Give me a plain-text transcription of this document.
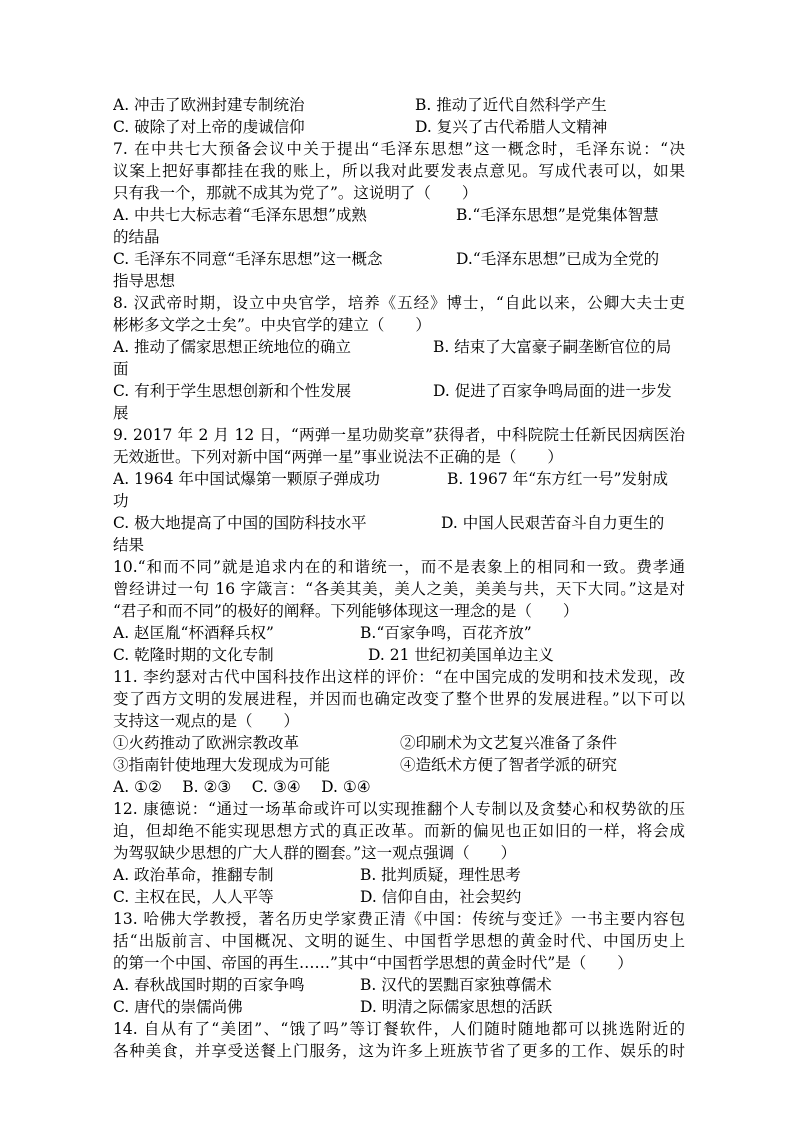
A. 冲击了欧洲封建专制统治	B. 推动了近代自然科学产生
C. 破除了对上帝的虔诚信仰	D. 复兴了古代希腊人文精神
7. 在中共七大预备会议中关于提出“毛泽东思想”这一概念时，毛泽东说：“决
议案上把好事都挂在我的账上，所以我对此要发表点意见。写成代表可以，如果
只有我一个，那就不成其为党了”。这说明了（　　）
A. 中共七大标志着“毛泽东思想”成熟	B.“毛泽东思想”是党集体智慧
的结晶
C. 毛泽东不同意“毛泽东思想”这一概念	D.“毛泽东思想”已成为全党的
指导思想
8. 汉武帝时期，设立中央官学，培养《五经》博士，“自此以来，公卿大夫士吏
彬彬多文学之士矣”。中央官学的建立（　　）
A. 推动了儒家思想正统地位的确立	B. 结束了大富豪子嗣垄断官位的局
面
C. 有利于学生思想创新和个性发展	D. 促进了百家争鸣局面的进一步发
展
9. 2017 年 2 月 12 日，“两弹一星功勋奖章”获得者，中科院院士任新民因病医治
无效逝世。下列对新中国“两弹一星”事业说法不正确的是（　　）
A. 1964 年中国试爆第一颗原子弹成功	B. 1967 年“东方红一号”发射成
功
C. 极大地提高了中国的国防科技水平	D. 中国人民艰苦奋斗自力更生的
结果
10.“和而不同”就是追求内在的和谐统一，而不是表象上的相同和一致。费孝通
曾经讲过一句 16 字箴言：“各美其美，美人之美，美美与共，天下大同。”这是对
“君子和而不同”的极好的阐释。下列能够体现这一理念的是（　　）
A. 赵匡胤“杯酒释兵权”	B.“百家争鸣，百花齐放”
C. 乾隆时期的文化专制	D. 21 世纪初美国单边主义
11. 李约瑟对古代中国科技作出这样的评价：“在中国完成的发明和技术发现，改
变了西方文明的发展进程，并因而也确定改变了整个世界的发展进程。”以下可以
支持这一观点的是（　　）
①火药推动了欧洲宗教改革	②印刷术为文艺复兴准备了条件
③指南针使地理大发现成为可能	④造纸术方便了智者学派的研究
A. ①②　 B. ②③　 C. ③④　 D. ①④
12. 康德说：“通过一场革命或许可以实现推翻个人专制以及贪婪心和权势欲的压
迫，但却绝不能实现思想方式的真正改革。而新的偏见也正如旧的一样，将会成
为驾驭缺少思想的广大人群的圈套。”这一观点强调（　　）
A. 政治革命，推翻专制	B. 批判质疑，理性思考
C. 主权在民，人人平等	D. 信仰自由，社会契约
13. 哈佛大学教授，著名历史学家费正清《中国：传统与变迁》一书主要内容包
括“出版前言、中国概况、文明的诞生、中国哲学思想的黄金时代、中国历史上
的第一个中国、帝国的再生……”其中“中国哲学思想的黄金时代”是（　　）
A. 春秋战国时期的百家争鸣	B. 汉代的罢黜百家独尊儒术
C. 唐代的崇儒尚佛	D. 明清之际儒家思想的活跃
14. 自从有了“美团”、“饿了吗”等订餐软件，人们随时随地都可以挑选附近的
各种美食，并享受送餐上门服务，这为许多上班族节省了更多的工作、娱乐的时
